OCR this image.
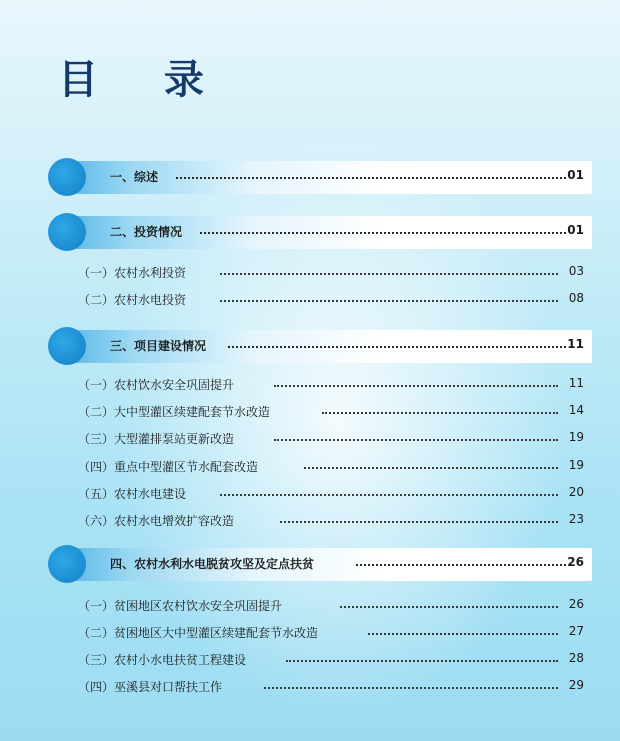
目 录
一、综述	01
二、投资情况	01
（一）农村水利投资	03
（二）农村水电投资	08
三、项目建设情况	11
（一）农村饮水安全巩固提升	11
（二）大中型灌区续建配套节水改造	14
（三）大型灌排泵站更新改造	19
（四）重点中型灌区节水配套改造	19
（五）农村水电建设	20
（六）农村水电增效扩容改造	23
四、农村水利水电脱贫攻坚及定点扶贫	26
（一）贫困地区农村饮水安全巩固提升	26
（二）贫困地区大中型灌区续建配套节水改造	27
（三）农村小水电扶贫工程建设	28
（四）巫溪县对口帮扶工作	29
